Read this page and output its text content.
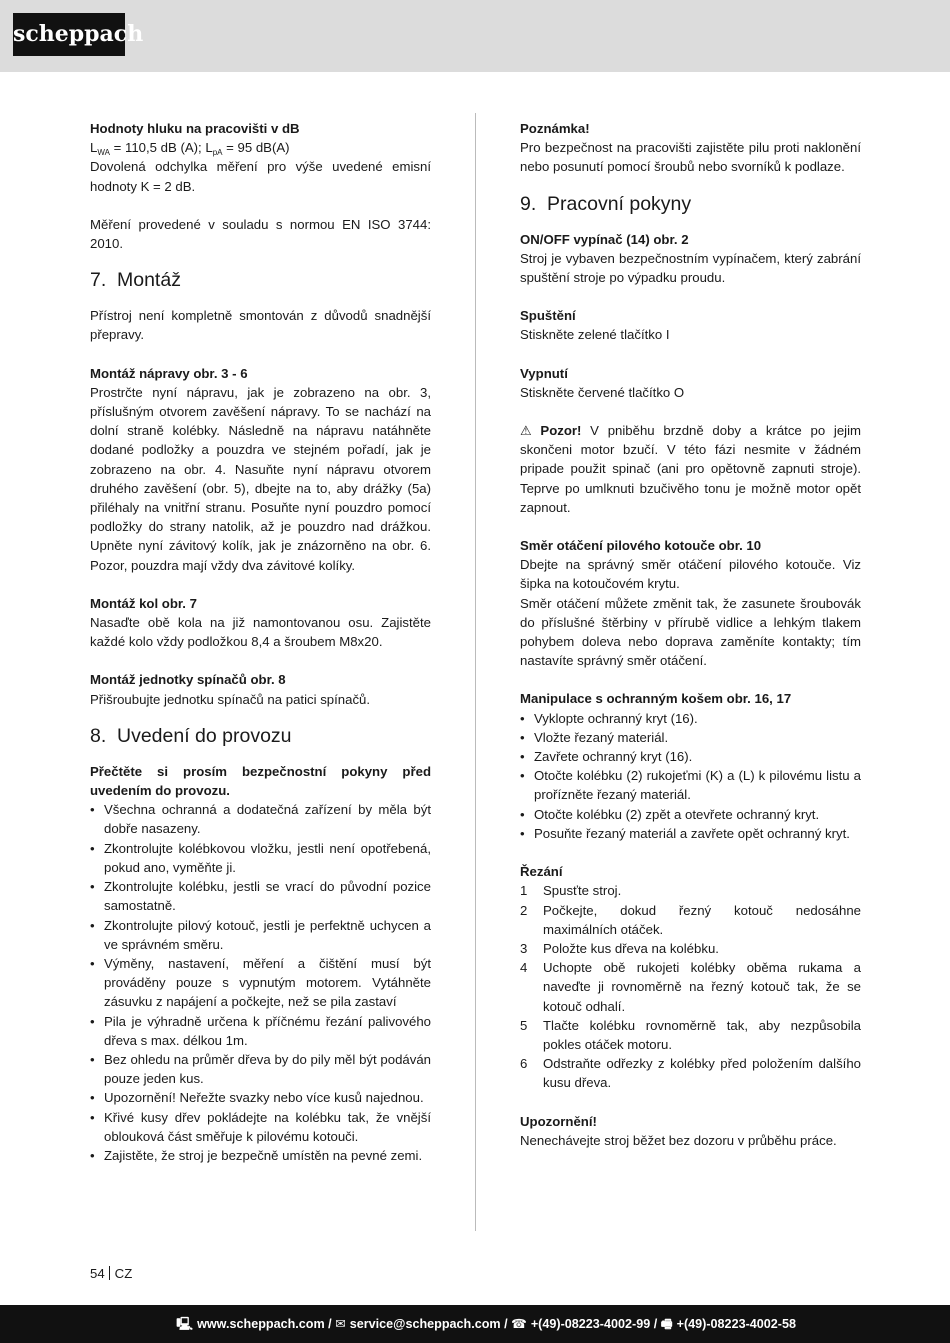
scheppach

Hodnoty hluku na pracovišti v dB

$L_{WA} = 110,5$ dB (A); $L_{pA} = 95$ dB(A)

Dovolená odchylka měření pro výše uvedené emisní hodnoty K = 2 dB.

Měření provedené v souladu s normou EN ISO 3744: 2010.

7. Montáž

Přístroj není kompletně smontován z důvodů snadnější přepravy.

Montáž nápravy obr. 3 - 6

Prostrčte nyní nápravu, jak je zobrazeno na obr. 3, příslušným otvorem zavěšení nápravy. To se nachází na dolní straně kolébky. Následně na nápravu natáhněte dodané podložky a pouzdra ve stejném pořadí, jak je zobrazeno na obr. 4. Nasuňte nyní nápravu otvorem druhého zavěšení (obr. 5), dbejte na to, aby drážky (5a) přiléhaly na vnitřní stranu. Posuňte nyní pouzdro pomocí podložky do strany natolik, až je pouzdro nad drážkou. Upněte nyní závitový kolík, jak je znázorněno na obr. 6. Pozor, pouzdra mají vždy dva závitové kolíky.

Montáž kol obr. 7

Nasaďte obě kola na již namontovanou osu. Zajistěte každé kolo vždy podložkou 8,4 a šroubem M8x20.

Montáž jednotky spínačů obr. 8

Přišroubujte jednotku spínačů na patici spínačů.

8. Uvedení do provozu

Přečtěte si prosím bezpečnostní pokyny před uvedením do provozu.

• Všechna ochranná a dodatečná zařízení by měla být dobře nasazeny.
• Zkontrolujte kolébkovou vložku, jestli není opotřebená, pokud ano, vyměňte ji.
• Zkontrolujte kolébku, jestli se vrací do původní pozice samostatně.
• Zkontrolujte pilový kotouč, jestli je perfektně uchycen a ve správném směru.
• Výměny, nastavení, měření a čištění musí být prováděny pouze s vypnutým motorem. Vytáhněte zásuvku z napájení a počkejte, než se pila zastaví
• Pila je výhradně určena k příčnému řezání palivového dřeva s max. délkou 1m.
• Bez ohledu na průměr dřeva by do pily měl být podáván pouze jeden kus.
• Upozornění! Neřežte svazky nebo více kusů najednou.
• Křivé kusy dřev pokládejte na kolébku tak, že vnější oblouková část směřuje k pilovému kotouči.
• Zajistěte, že stroj je bezpečně umístěn na pevné zemi.

Poznámka!

Pro bezpečnost na pracovišti zajistěte pilu proti naklonění nebo posunutí pomocí šroubů nebo svorníků k podlaze.

9. Pracovní pokyny

ON/OFF vypínač (14) obr. 2

Stroj je vybaven bezpečnostním vypínačem, který zabrání spuštění stroje po výpadku proudu.

Spuštění

Stiskněte zelené tlačítko I

Vypnutí

Stiskněte červené tlačítko O

⚠ Pozor! V pniběhu brzdně doby a krátce po jejim skončeni motor bzučí. V této fázi nesmite v žádném pripade použit spinač (ani pro opětovně zapnuti stroje). Teprve po umlknuti bzučivěho tonu je možně motor opět zapnout.

Směr otáčení pilového kotouče obr. 10

Dbejte na správný směr otáčení pilového kotouče. Viz šipka na kotoučovém krytu.

Směr otáčení můžete změnit tak, že zasunete šroubovák do příslušné štěrbiny v přírubě vidlice a lehkým tlakem pohybem doleva nebo doprava zaměníte kontakty; tím nastavíte správný směr otáčení.

Manipulace s ochranným košem obr. 16, 17

• Vyklopte ochranný kryt (16).
• Vložte řezaný materiál.
• Zavřete ochranný kryt (16).
• Otočte kolébku (2) rukojeťmi (K) a (L) k pilovému listu a prořízněte řezaný materiál.
• Otočte kolébku (2) zpět a otevřete ochranný kryt.
• Posuňte řezaný materiál a zavřete opět ochranný kryt.

Řezání

1 Spusťte stroj.
2 Počkejte, dokud řezný kotouč nedosáhne maximálních otáček.
3 Položte kus dřeva na kolébku.
4 Uchopte obě rukojeti kolébky oběma rukama a naveďte ji rovnoměrně na řezný kotouč tak, že se kotouč odhalí.
5 Tlačte kolébku rovnoměrně tak, aby nezpůsobila pokles otáček motoru.
6 Odstraňte odřezky z kolébky před položením dalšího kusu dřeva.

Upozornění!

Nenechávejte stroj běžet bez dozoru v průběhu práce.

54 CZ
🖳 www.scheppach.com / ✉ service@scheppach.com / ☎ +(49)-08223-4002-99 / 🖷 +(49)-08223-4002-58
